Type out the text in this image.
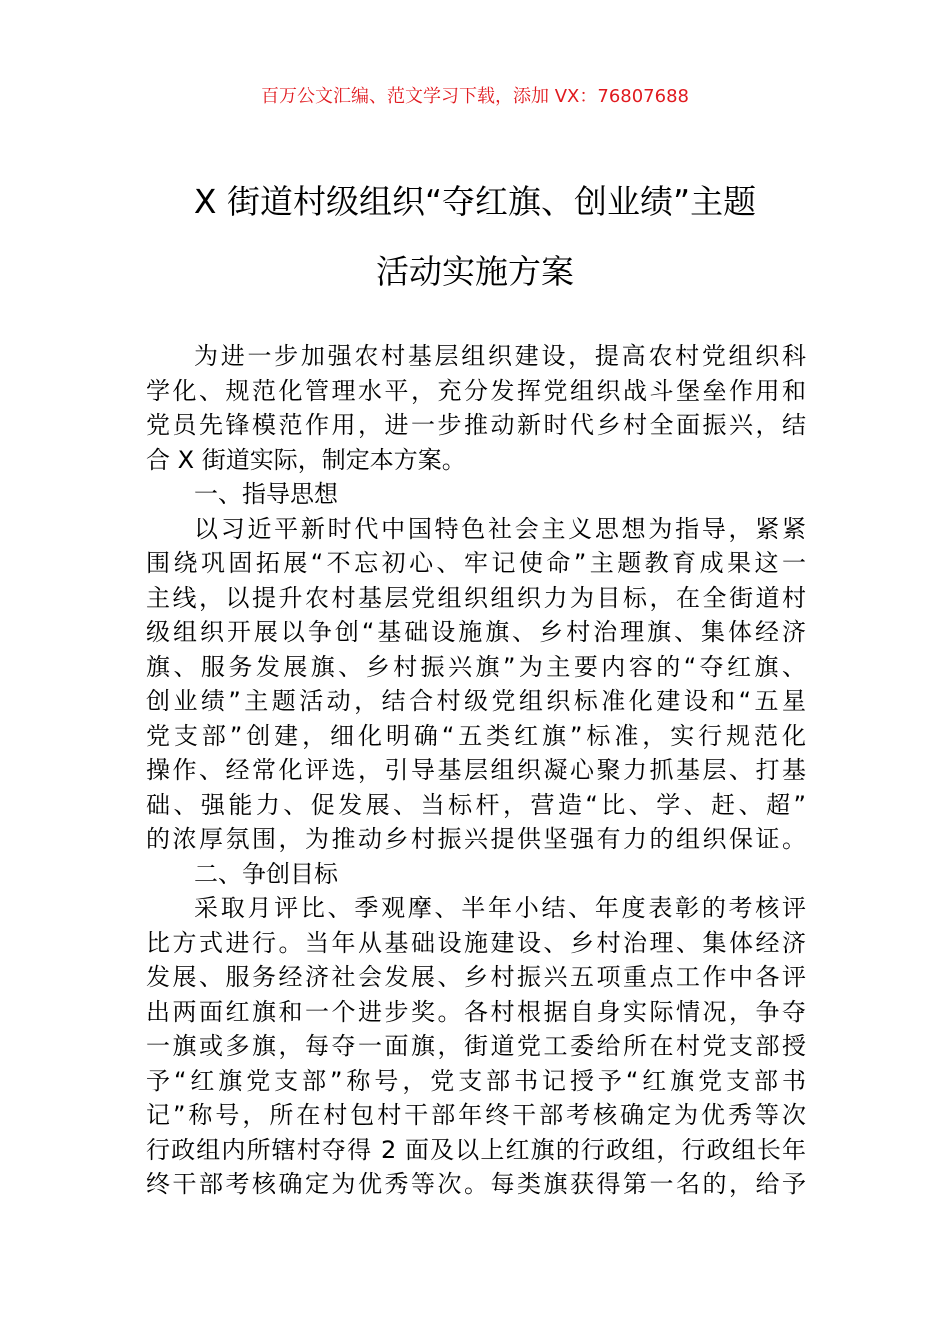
百万公文汇编、范文学习下载，添加 VX：76807688
X 街道村级组织“夺红旗、创业绩”主题
活动实施方案
为进一步加强农村基层组织建设，提高农村党组织科
学化、规范化管理水平，充分发挥党组织战斗堡垒作用和
党员先锋模范作用，进一步推动新时代乡村全面振兴，结
合 X 街道实际，制定本方案。
一、指导思想
以习近平新时代中国特色社会主义思想为指导，紧紧
围绕巩固拓展“不忘初心、牢记使命”主题教育成果这一
主线，以提升农村基层党组织组织力为目标，在全街道村
级组织开展以争创“基础设施旗、乡村治理旗、集体经济
旗、服务发展旗、乡村振兴旗”为主要内容的“夺红旗、
创业绩”主题活动，结合村级党组织标准化建设和“五星
党支部”创建，细化明确“五类红旗”标准，实行规范化
操作、经常化评选，引导基层组织凝心聚力抓基层、打基
础、强能力、促发展、当标杆，营造“比、学、赶、超”
的浓厚氛围，为推动乡村振兴提供坚强有力的组织保证。
二、争创目标
采取月评比、季观摩、半年小结、年度表彰的考核评
比方式进行。当年从基础设施建设、乡村治理、集体经济
发展、服务经济社会发展、乡村振兴五项重点工作中各评
出两面红旗和一个进步奖。各村根据自身实际情况，争夺
一旗或多旗，每夺一面旗，街道党工委给所在村党支部授
予“红旗党支部”称号，党支部书记授予“红旗党支部书
记”称号，所在村包村干部年终干部考核确定为优秀等次
行政组内所辖村夺得 2 面及以上红旗的行政组，行政组长年
终干部考核确定为优秀等次。每类旗获得第一名的，给予
